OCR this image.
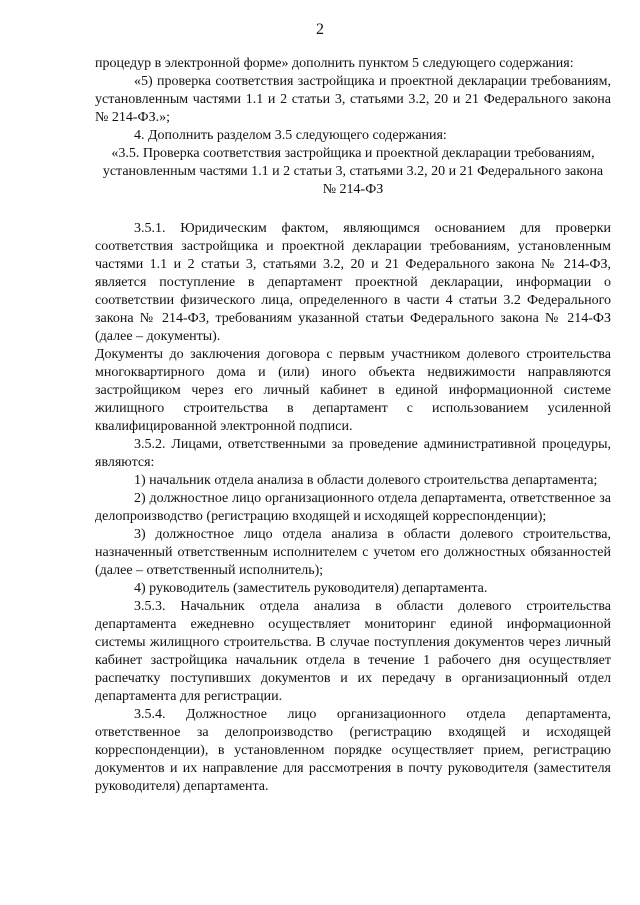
2

процедур в электронной форме» дополнить пунктом 5 следующего содержания:

«5) проверка соответствия застройщика и проектной декларации требованиям, установленным частями 1.1 и 2 статьи 3, статьями 3.2, 20 и 21 Федерального закона № 214-ФЗ.»;

4. Дополнить разделом 3.5 следующего содержания:

«3.5. Проверка соответствия застройщика и проектной декларации требованиям, установленным частями 1.1 и 2 статьи 3, статьями 3.2, 20 и 21 Федерального закона № 214-ФЗ

3.5.1. Юридическим фактом, являющимся основанием для проверки соответствия застройщика и проектной декларации требованиям, установленным частями 1.1 и 2 статьи 3, статьями 3.2, 20 и 21 Федерального закона № 214-ФЗ, является поступление в департамент проектной декларации, информации о соответствии физического лица, определенного в части 4 статьи 3.2 Федерального закона № 214-ФЗ, требованиям указанной статьи Федерального закона № 214-ФЗ (далее – документы).

Документы до заключения договора с первым участником долевого строительства многоквартирного дома и (или) иного объекта недвижимости направляются застройщиком через его личный кабинет в единой информационной системе жилищного строительства в департамент с использованием усиленной квалифицированной электронной подписи.

3.5.2. Лицами, ответственными за проведение административной процедуры, являются:

1) начальник отдела анализа в области долевого строительства департамента;

2) должностное лицо организационного отдела департамента, ответственное за делопроизводство (регистрацию входящей и исходящей корреспонденции);

3) должностное лицо отдела анализа в области долевого строительства, назначенный ответственным исполнителем с учетом его должностных обязанностей (далее – ответственный исполнитель);

4) руководитель (заместитель руководителя) департамента.

3.5.3. Начальник отдела анализа в области долевого строительства департамента ежедневно осуществляет мониторинг единой информационной системы жилищного строительства. В случае поступления документов через личный кабинет застройщика начальник отдела в течение 1 рабочего дня осуществляет распечатку поступивших документов и их передачу в организационный отдел департамента для регистрации.

3.5.4. Должностное лицо организационного отдела департамента, ответственное за делопроизводство (регистрацию входящей и исходящей корреспонденции), в установленном порядке осуществляет прием, регистрацию документов и их направление для рассмотрения в почту руководителя (заместителя руководителя) департамента.
